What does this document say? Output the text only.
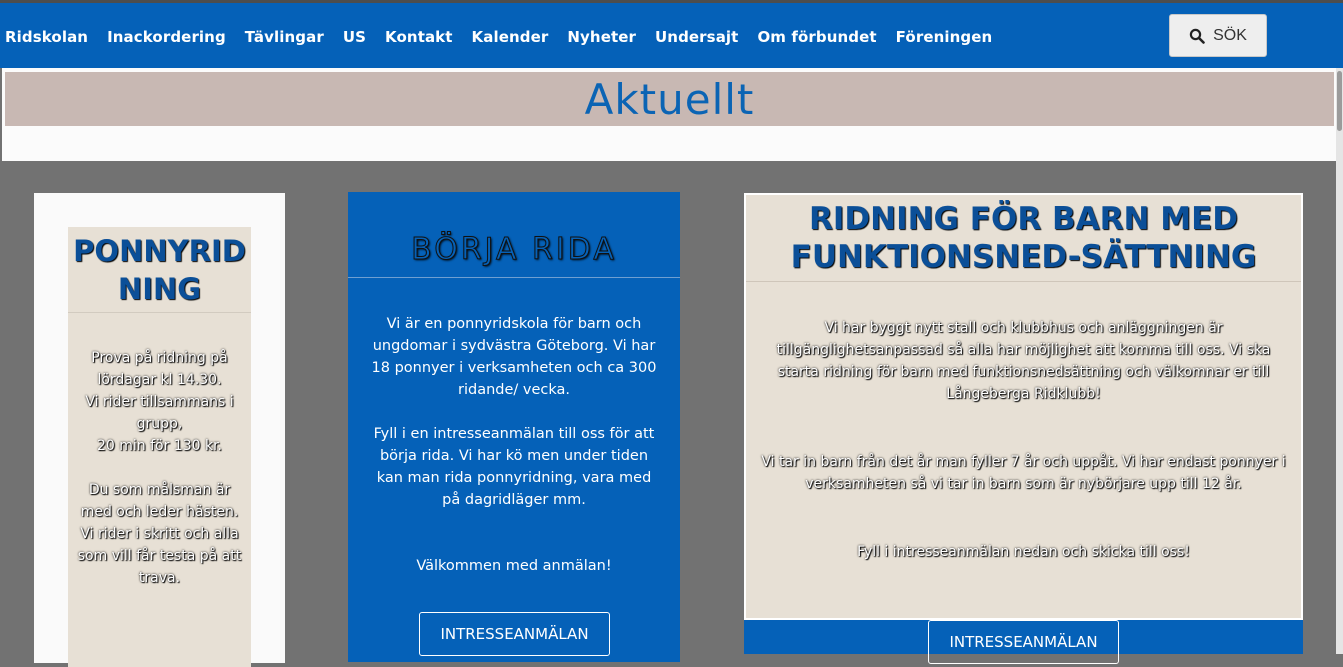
Ridskolan Inackordering Tävlingar US Kontakt Kalender Nyheter Undersajt Om förbundet Föreningen	SÖK
Aktuellt
PONNYRIDNING
Prova på ridning på lördagar kl 14.30.
Vi rider tillsammans i grupp,
20 min för 130 kr.

Du som målsman är med och leder hästen. Vi rider i skritt och alla som vill får testa på att trava.
BÖRJA RIDA
Vi är en ponnyridskola för barn och ungdomar i sydvästra Göteborg. Vi har 18 ponnyer i verksamheten och ca 300 ridande/ vecka.

Fyll i en intresseanmälan till oss för att börja rida. Vi har kö men under tiden kan man rida ponnyridning, vara med på dagridläger mm.

Välkommen med anmälan!
INTRESSEANMÄLAN
RIDNING FÖR BARN MED FUNKTIONSNED-SÄTTNING

Vi har byggt nytt stall och klubbhus och anläggningen är tillgänglighetsanpassad så alla har möjlighet att komma till oss. Vi ska starta ridning för barn med funktionsnedsättning och välkomnar er till Långeberga Ridklubb!

Vi tar in barn från det år man fyller 7 år och uppåt. Vi har endast ponnyer i verksamheten så vi tar in barn som är nybörjare upp till 12 år.

Fyll i intresseanmälan nedan och skicka till oss!

INTRESSEANMÄLAN
